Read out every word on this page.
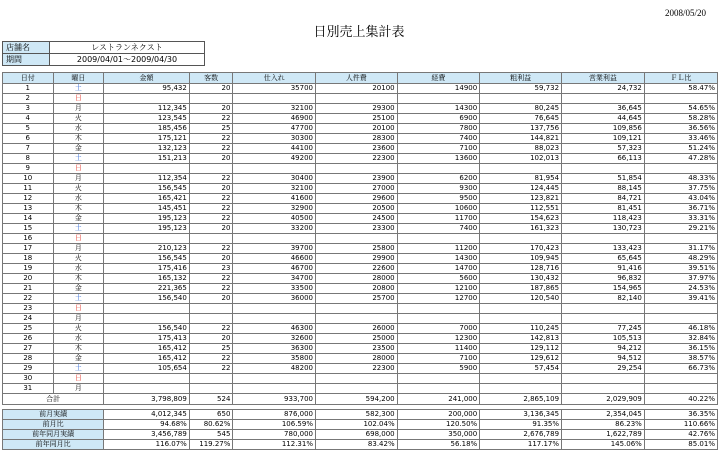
2008/05/20
日別売上集計表
店舗名	レストランネクスト
期間	2009/04/01～2009/04/30
日付	曜日	金額	客数	仕入れ	人件費	経費	粗利益	営業利益	ＦＬ比
1	土	95,432	20	35700	20100	14900	59,732	24,732	58.47%
2	日								
3	月	112,345	20	32100	29300	14300	80,245	36,645	54.65%
4	火	123,545	22	46900	25100	6900	76,645	44,645	58.28%
5	水	185,456	25	47700	20100	7800	137,756	109,856	36.56%
6	木	175,121	22	30300	28300	7400	144,821	109,121	33.46%
7	金	132,123	22	44100	23600	7100	88,023	57,323	51.24%
8	土	151,213	20	49200	22300	13600	102,013	66,113	47.28%
9	日								
10	月	112,354	22	30400	23900	6200	81,954	51,854	48.33%
11	火	156,545	20	32100	27000	9300	124,445	88,145	37.75%
12	水	165,421	22	41600	29600	9500	123,821	84,721	43.04%
13	木	145,451	22	32900	20500	10600	112,551	81,451	36.71%
14	金	195,123	22	40500	24500	11700	154,623	118,423	33.31%
15	土	195,123	20	33200	23300	7400	161,323	130,723	29.21%
16	日								
17	月	210,123	22	39700	25800	11200	170,423	133,423	31.17%
18	火	156,545	20	46600	29900	14300	109,945	65,645	48.29%
19	水	175,416	23	46700	22600	14700	128,716	91,416	39.51%
20	木	165,132	22	34700	28000	5600	130,432	96,832	37.97%
21	金	221,365	22	33500	20800	12100	187,865	154,965	24.53%
22	土	156,540	20	36000	25700	12700	120,540	82,140	39.41%
23	日								
24	月								
25	火	156,540	22	46300	26000	7000	110,245	77,245	46.18%
26	水	175,413	20	32600	25000	12300	142,813	105,513	32.84%
27	木	165,412	25	36300	23500	11400	129,112	94,212	36.15%
28	金	165,412	22	35800	28000	7100	129,612	94,512	38.57%
29	土	105,654	22	48200	22300	5900	57,454	29,254	66.73%
30	日								
31	月								
合計		3,798,809	524	933,700	594,200	241,000	2,865,109	2,029,909	40.22%

前月実績		4,012,345	650	876,000	582,300	200,000	3,136,345	2,354,045	36.35%
前月比		94.68%	80.62%	106.59%	102.04%	120.50%	91.35%	86.23%	110.66%
前年同月実績		3,456,789	545	780,000	698,000	350,000	2,676,789	1,622,789	42.76%
前年同月比		116.07%	119.27%	112.31%	83.42%	56.18%	117.17%	145.06%	85.01%
